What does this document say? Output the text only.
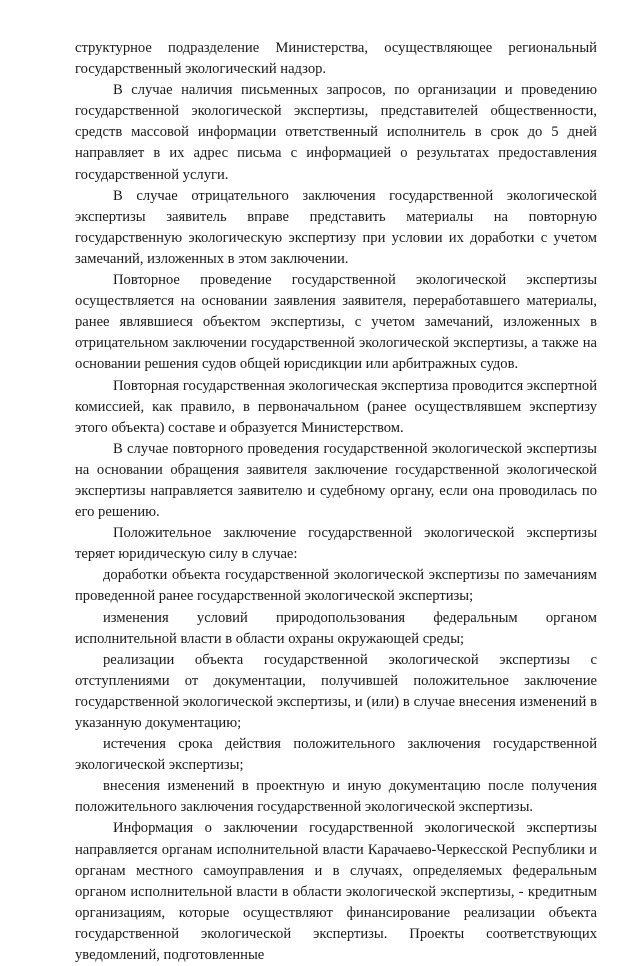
структурное подразделение Министерства, осуществляющее региональный государственный экологический надзор.

В случае наличия письменных запросов, по организации и проведению государственной экологической экспертизы, представителей общественности, средств массовой информации ответственный исполнитель в срок до 5 дней направляет в их адрес письма с информацией о результатах предоставления государственной услуги.

В случае отрицательного заключения государственной экологической экспертизы заявитель вправе представить материалы на повторную государственную экологическую экспертизу при условии их доработки с учетом замечаний, изложенных в этом заключении.

Повторное проведение государственной экологической экспертизы осуществляется на основании заявления заявителя, переработавшего материалы, ранее являвшиеся объектом экспертизы, с учетом замечаний, изложенных в отрицательном заключении государственной экологической экспертизы, а также на основании решения судов общей юрисдикции или арбитражных судов.

Повторная государственная экологическая экспертиза проводится экспертной комиссией, как правило, в первоначальном (ранее осуществлявшем экспертизу этого объекта) составе и образуется Министерством.

В случае повторного проведения государственной экологической экспертизы на основании обращения заявителя заключение государственной экологической экспертизы направляется заявителю и судебному органу, если она проводилась по его решению.

Положительное заключение государственной экологической экспертизы теряет юридическую силу в случае:

доработки объекта государственной экологической экспертизы по замечаниям проведенной ранее государственной экологической экспертизы;

изменения условий природопользования федеральным органом исполнительной власти в области охраны окружающей среды;

реализации объекта государственной экологической экспертизы с отступлениями от документации, получившей положительное заключение государственной экологической экспертизы, и (или) в случае внесения изменений в указанную документацию;

истечения срока действия положительного заключения государственной экологической экспертизы;

внесения изменений в проектную и иную документацию после получения положительного заключения государственной экологической экспертизы.

Информация о заключении государственной экологической экспертизы направляется органам исполнительной власти Карачаево-Черкесской Республики и органам местного самоуправления и в случаях, определяемых федеральным органом исполнительной власти в области экологической экспертизы, - кредитным организациям, которые осуществляют финансирование реализации объекта государственной экологической экспертизы. Проекты соответствующих уведомлений, подготовленные
